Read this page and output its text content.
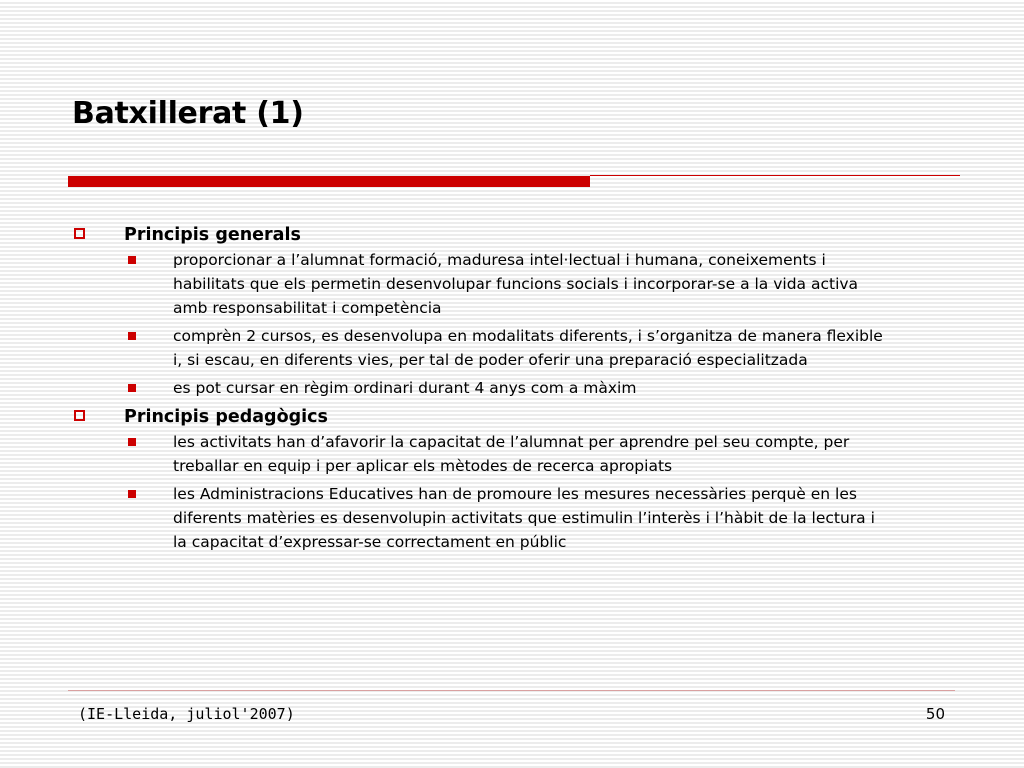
Batxillerat (1)
Principis generals
proporcionar a l’alumnat formació, maduresa intel·lectual i humana, coneixements i habilitats que els permetin desenvolupar funcions socials i incorporar-se a la vida activa amb responsabilitat i competència
comprèn 2 cursos, es desenvolupa en modalitats diferents, i s’organitza de manera flexible i, si escau, en diferents vies, per tal de poder oferir una preparació especialitzada
es pot cursar en règim ordinari durant 4 anys com a màxim
Principis pedagògics
les activitats han d’afavorir la capacitat de l’alumnat per aprendre pel seu compte, per treballar en equip i per aplicar els mètodes de recerca apropiats
les Administracions Educatives han de promoure les mesures necessàries perquè en les diferents matèries es desenvolupin activitats que estimulin l’interès i l’hàbit de la lectura i la capacitat d’expressar-se correctament en públic
(IE-Lleida, juliol'2007)	50
